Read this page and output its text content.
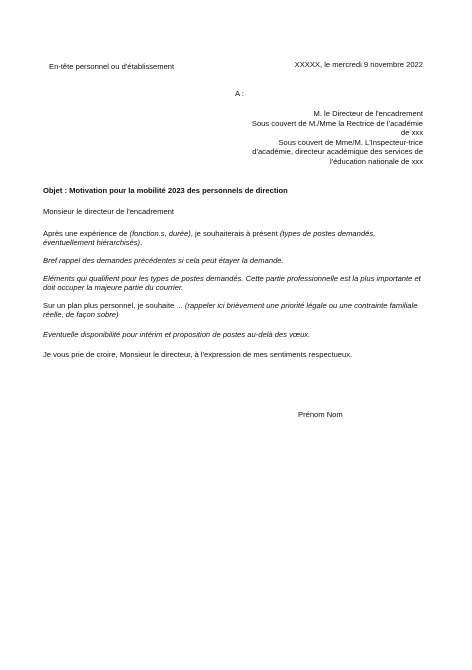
En-tête personnel ou d'établissement	XXXXX, le mercredi 9 novembre 2022
A :
M. le Directeur de l'encadrement
Sous couvert de M./Mme la Rectrice de l'académie
de xxx
Sous couvert de Mme/M. L'Inspecteur-trice
d'académie, directeur académique des services de
l'éducation nationale de xxx
Objet : Motivation pour la mobilité 2023 des personnels de direction
Monsieur le directeur de l'encadrement
Après une expérience de (fonction.s, durée), je souhaiterais à présent (types de postes demandés, éventuellement hiérarchisés).
Bref rappel des demandes précédentes si cela peut étayer la demande.
Eléments qui qualifient pour les types de postes demandés. Cette partie professionnelle est la plus importante et doit occuper la majeure partie du courrier.
Sur un plan plus personnel, je souhaite ... (rappeler ici brièvement une priorité légale ou une contrainte familiale réelle, de façon sobre)
Eventuelle disponibilité pour intérim et proposition de postes au-delà des vœux.
Je vous prie de croire, Monsieur le directeur, à l'expression de mes sentiments respectueux.
Prénom Nom
